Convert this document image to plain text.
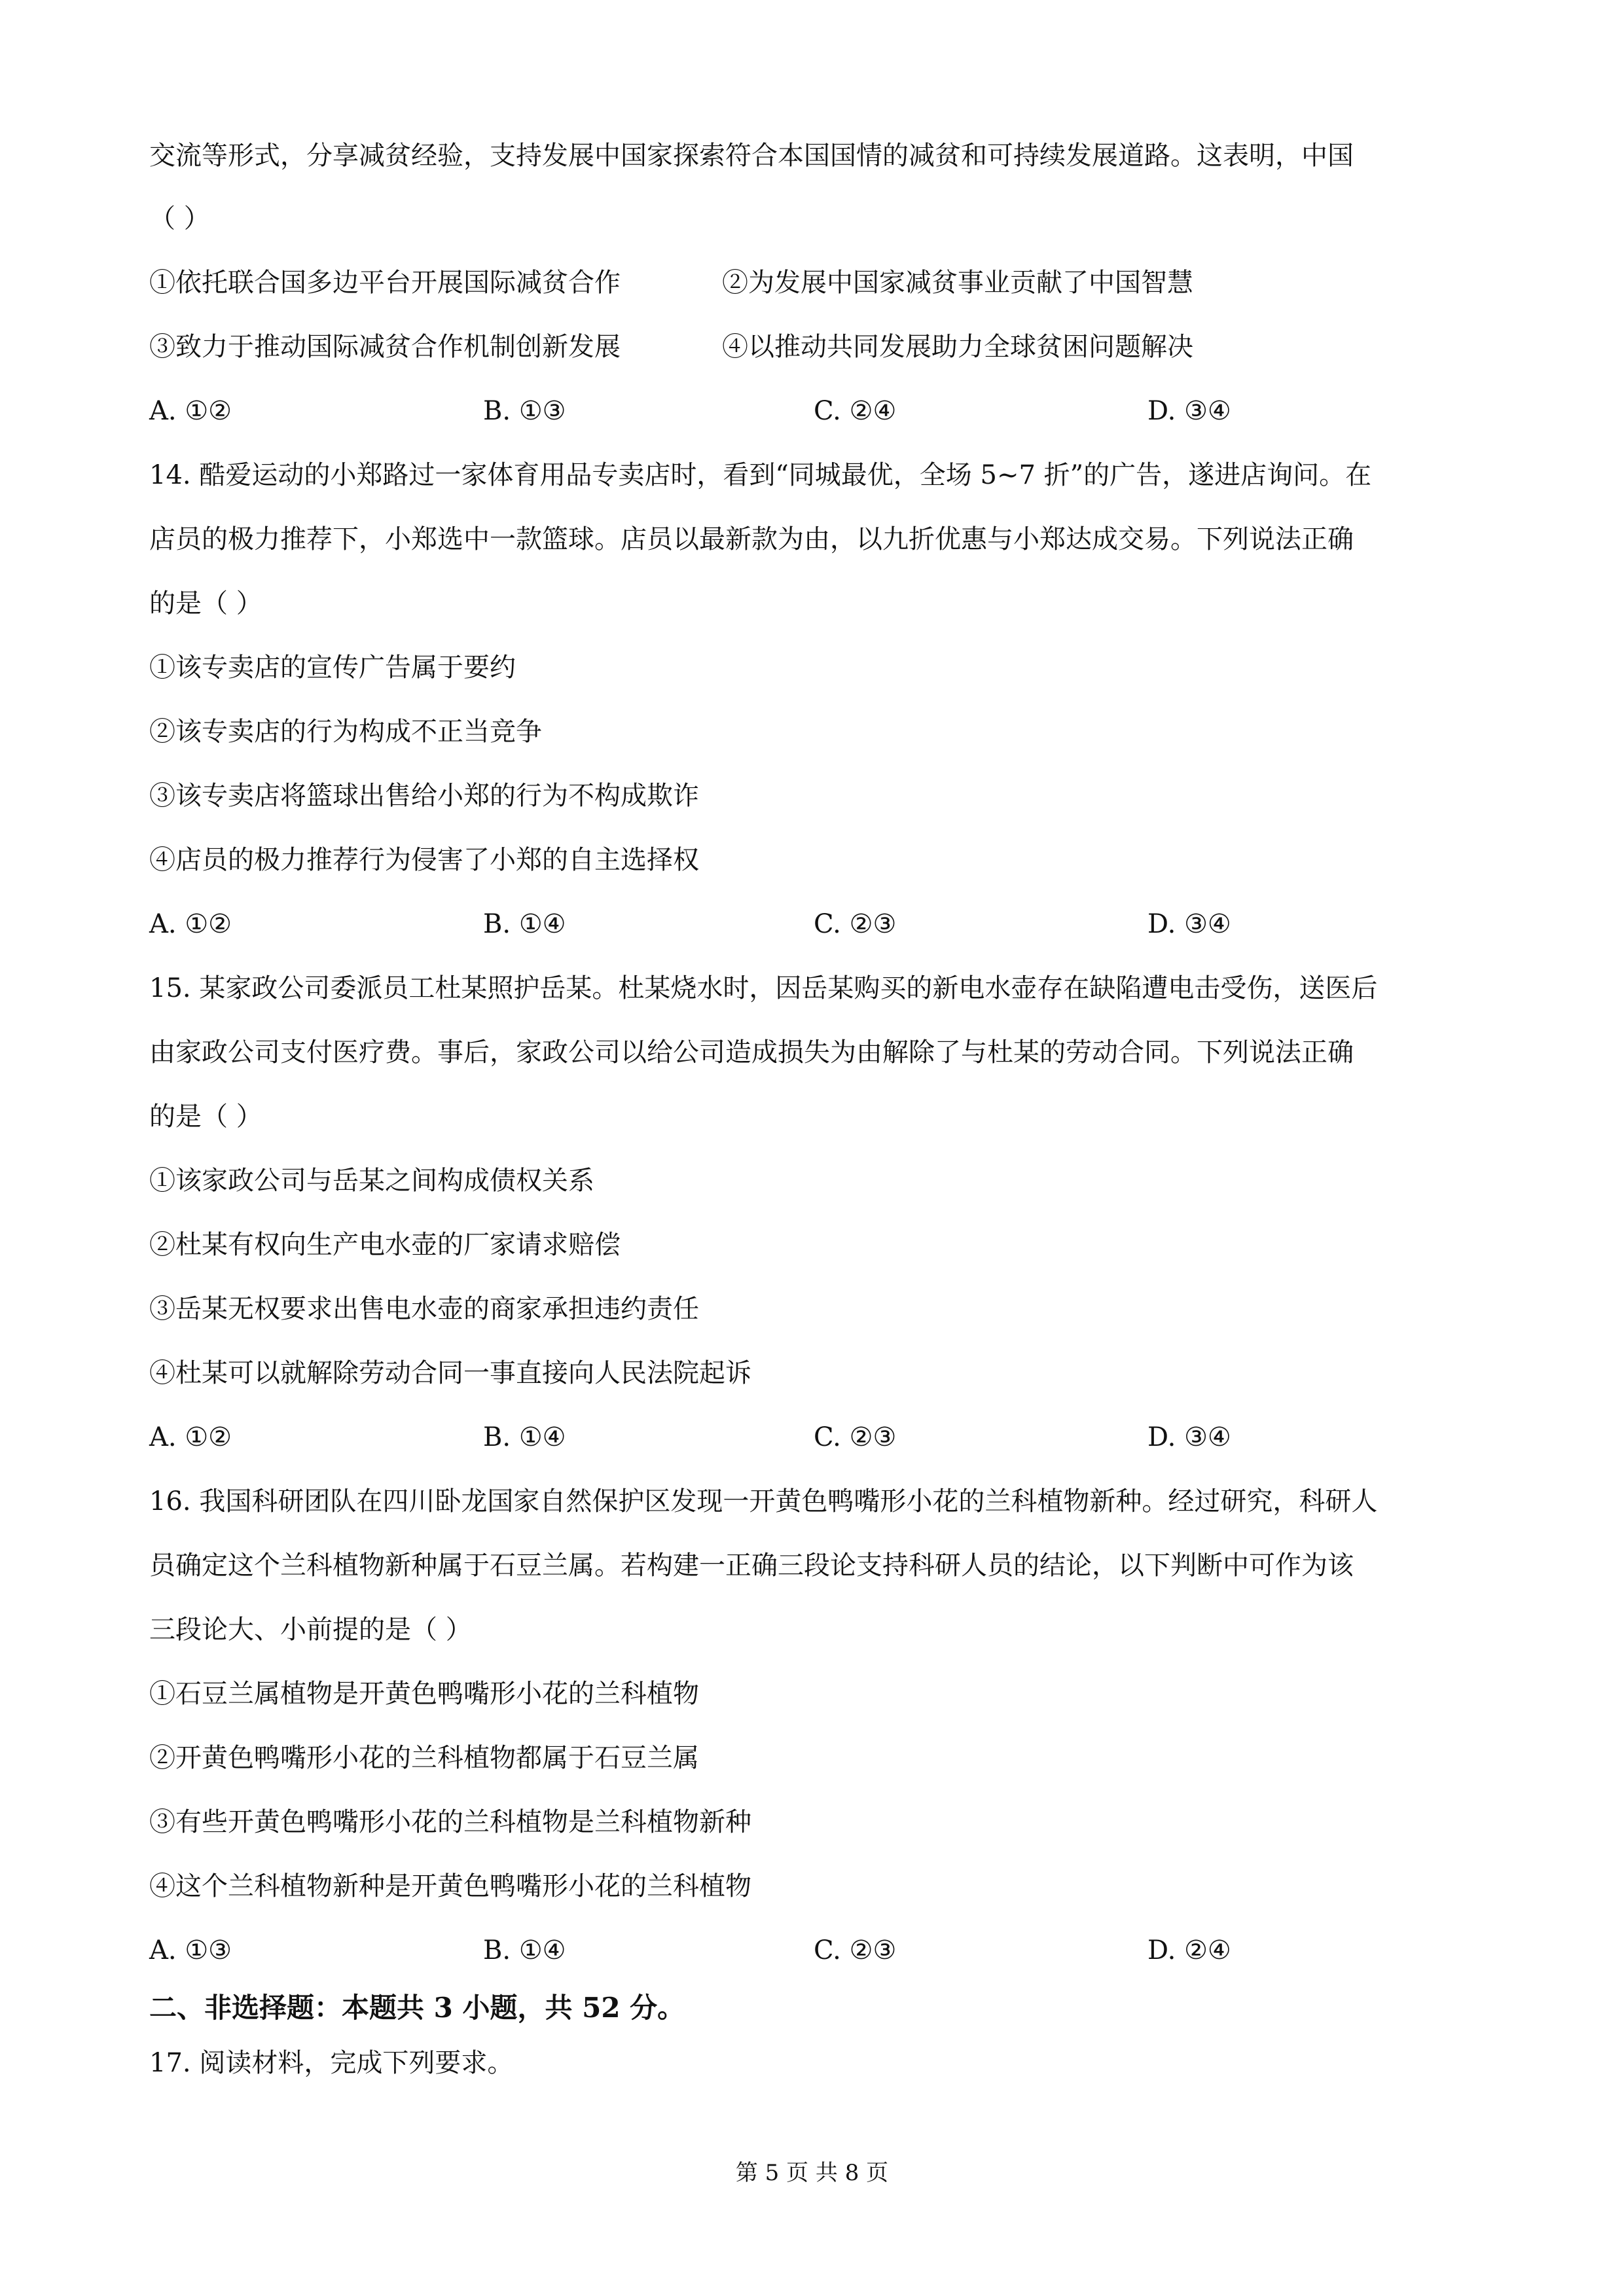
交流等形式，分享减贫经验，支持发展中国家探索符合本国国情的减贫和可持续发展道路。这表明，中国
（ ）
①依托联合国多边平台开展国际减贫合作	②为发展中国家减贫事业贡献了中国智慧
③致力于推动国际减贫合作机制创新发展	④以推动共同发展助力全球贫困问题解决
A. ①②	B. ①③	C. ②④	D. ③④
14. 酷爱运动的小郑路过一家体育用品专卖店时，看到“同城最优，全场 5~7 折”的广告，遂进店询问。在
店员的极力推荐下，小郑选中一款篮球。店员以最新款为由，以九折优惠与小郑达成交易。下列说法正确
的是（ ）
①该专卖店的宣传广告属于要约
②该专卖店的行为构成不正当竞争
③该专卖店将篮球出售给小郑的行为不构成欺诈
④店员的极力推荐行为侵害了小郑的自主选择权
A. ①②	B. ①④	C. ②③	D. ③④
15. 某家政公司委派员工杜某照护岳某。杜某烧水时，因岳某购买的新电水壶存在缺陷遭电击受伤，送医后
由家政公司支付医疗费。事后，家政公司以给公司造成损失为由解除了与杜某的劳动合同。下列说法正确
的是（ ）
①该家政公司与岳某之间构成债权关系
②杜某有权向生产电水壶的厂家请求赔偿
③岳某无权要求出售电水壶的商家承担违约责任
④杜某可以就解除劳动合同一事直接向人民法院起诉
A. ①②	B. ①④	C. ②③	D. ③④
16. 我国科研团队在四川卧龙国家自然保护区发现一开黄色鸭嘴形小花的兰科植物新种。经过研究，科研人
员确定这个兰科植物新种属于石豆兰属。若构建一正确三段论支持科研人员的结论，以下判断中可作为该
三段论大、小前提的是（ ）
①石豆兰属植物是开黄色鸭嘴形小花的兰科植物
②开黄色鸭嘴形小花的兰科植物都属于石豆兰属
③有些开黄色鸭嘴形小花的兰科植物是兰科植物新种
④这个兰科植物新种是开黄色鸭嘴形小花的兰科植物
A. ①③	B. ①④	C. ②③	D. ②④
二、非选择题：本题共 3 小题，共 52 分。
17. 阅读材料，完成下列要求。
第 5 页 共 8 页
